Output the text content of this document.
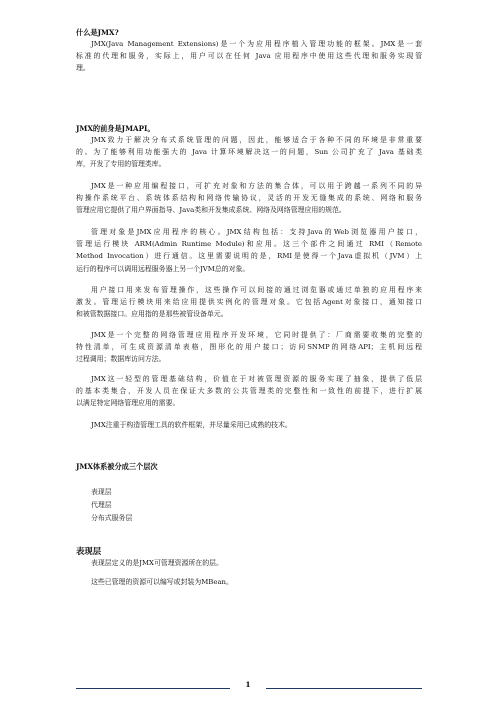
什么是JMX?
JMX(Java Management Extensions)是一个为应用程序植入管理功能的框架。JMX是一套
标准的代理和服务，实际上，用户可以在任何 Java 应用程序中使用这些代理和服务实现管
理。
JMX的前身是JMAPI。
JMX致力于解决分布式系统管理的问题，因此，能够适合于各种不同的环境是非常重要
的。为了能够利用功能强大的 Java 计算环境解决这一的问题，Sun 公司扩充了 Java 基础类
库，开发了专用的管理类库。
JMX是一种应用编程接口，可扩充对象和方法的集合体，可以用于跨越一系列不同的异
构操作系统平台、系统体系结构和网络传输协议，灵活的开发无缝集成的系统、网络和服务
管理应用它提供了用户界面指导、Java类和开发集成系统、网络及网络管理应用的规范。
管理对象是JMX应用程序的核心。JMX结构包括：支持Java的Web浏览器用户接口，
管理运行模块 ARM(Admin Runtime Module)和应用。这三个部件之间通过 RMI（Remote
Method Invocation）进行通信。这里需要说明的是，RMI是使得一个Java虚拟机（JVM）上
运行的程序可以调用远程服务器上另一个JVM总的对象。
用户接口用来发布管理操作，这些操作可以间接的通过浏览器或通过单独的应用程序来
激发。管理运行模块用来给应用提供实例化的管理对象。它包括Agent对象接口，通知接口
和被管数据接口。应用指的是那些被管设备单元。
JMX是一个完整的网络管理应用程序开发环境，它同时提供了：厂商需要收集的完整的
特性清单，可生成资源清单表格，图形化的用户接口；访问SNMP的网络API；主机间远程
过程调用；数据库访问方法。
JMX这一轻型的管理基础结构，价值在于对被管理资源的服务实现了抽象，提供了低层
的基本类集合，开发人员在保证大多数的公共管理类的完整性和一致性的前提下，进行扩展
以满足特定网络管理应用的需要。
JMX注重于构造管理工具的软件框架，并尽量采用已成熟的技术。
JMX体系被分成三个层次
表现层
代理层
分布式服务层
表现层
表现层定义的是JMX可管理资源所在的层。
这些已管理的资源可以编写或封装为MBean。
1
